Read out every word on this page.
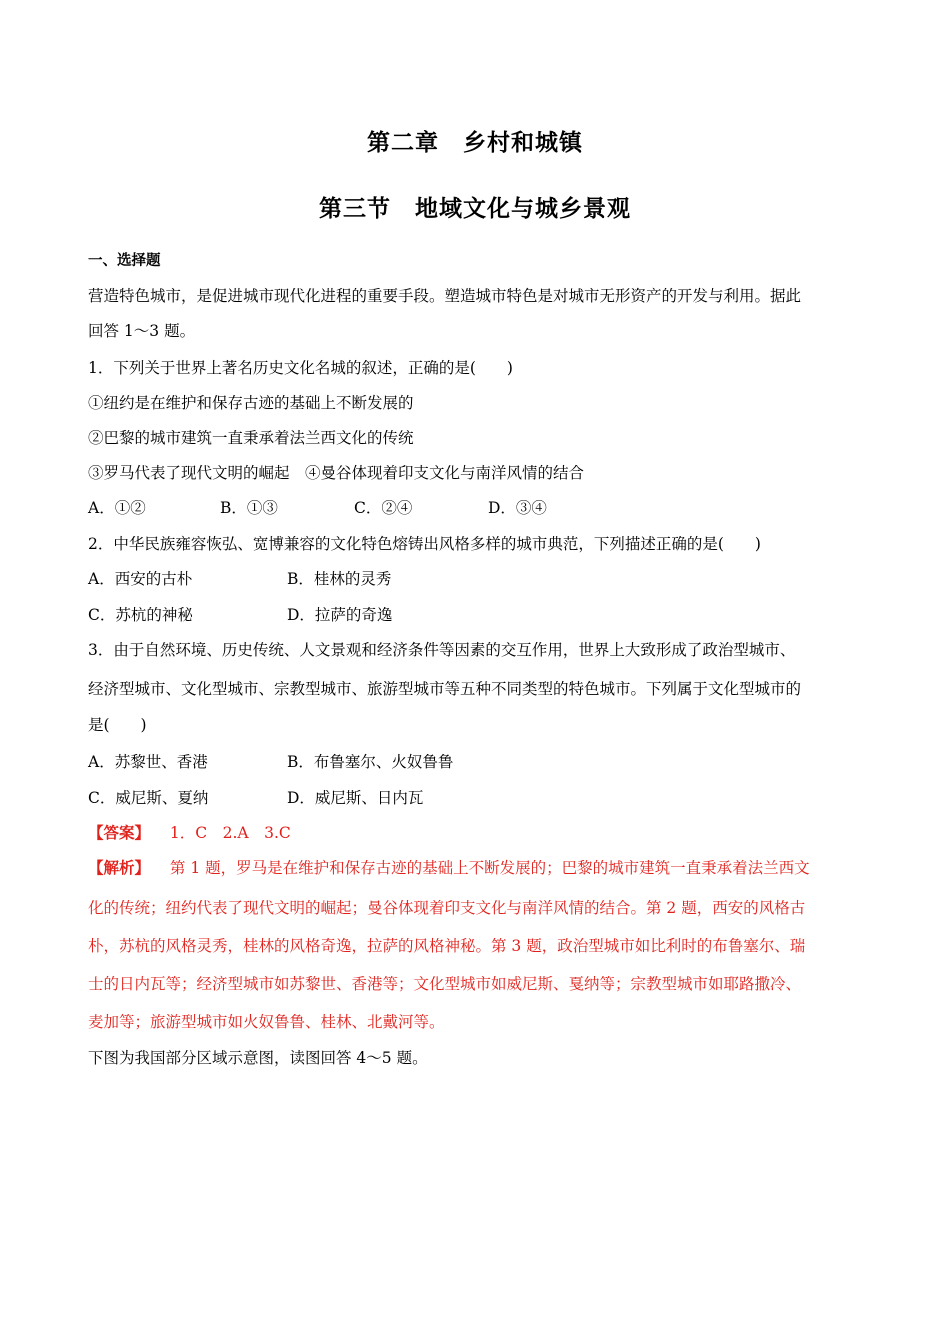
第二章　乡村和城镇
第三节　地域文化与城乡景观
一、选择题
营造特色城市，是促进城市现代化进程的重要手段。塑造城市特色是对城市无形资产的开发与利用。据此
回答 1～3 题。
1．下列关于世界上著名历史文化名城的叙述，正确的是(　　)
①纽约是在维护和保存古迹的基础上不断发展的
②巴黎的城市建筑一直秉承着法兰西文化的传统
③罗马代表了现代文明的崛起　④曼谷体现着印支文化与南洋风情的结合
A．①②	B．①③	C．②④	D．③④
2．中华民族雍容恢弘、宽博兼容的文化特色熔铸出风格多样的城市典范，下列描述正确的是(　　)
A．西安的古朴	B．桂林的灵秀
C．苏杭的神秘	D．拉萨的奇逸
3．由于自然环境、历史传统、人文景观和经济条件等因素的交互作用，世界上大致形成了政治型城市、
经济型城市、文化型城市、宗教型城市、旅游型城市等五种不同类型的特色城市。下列属于文化型城市的
是(　　)
A．苏黎世、香港	B．布鲁塞尔、火奴鲁鲁
C．威尼斯、夏纳	D．威尼斯、日内瓦
【答案】 1．C　2.A　3.C
【解析】 第 1 题，罗马是在维护和保存古迹的基础上不断发展的；巴黎的城市建筑一直秉承着法兰西文
化的传统；纽约代表了现代文明的崛起；曼谷体现着印支文化与南洋风情的结合。第 2 题，西安的风格古
朴，苏杭的风格灵秀，桂林的风格奇逸，拉萨的风格神秘。第 3 题，政治型城市如比利时的布鲁塞尔、瑞
士的日内瓦等；经济型城市如苏黎世、香港等；文化型城市如威尼斯、戛纳等；宗教型城市如耶路撒冷、
麦加等；旅游型城市如火奴鲁鲁、桂林、北戴河等。
下图为我国部分区域示意图，读图回答 4～5 题。
